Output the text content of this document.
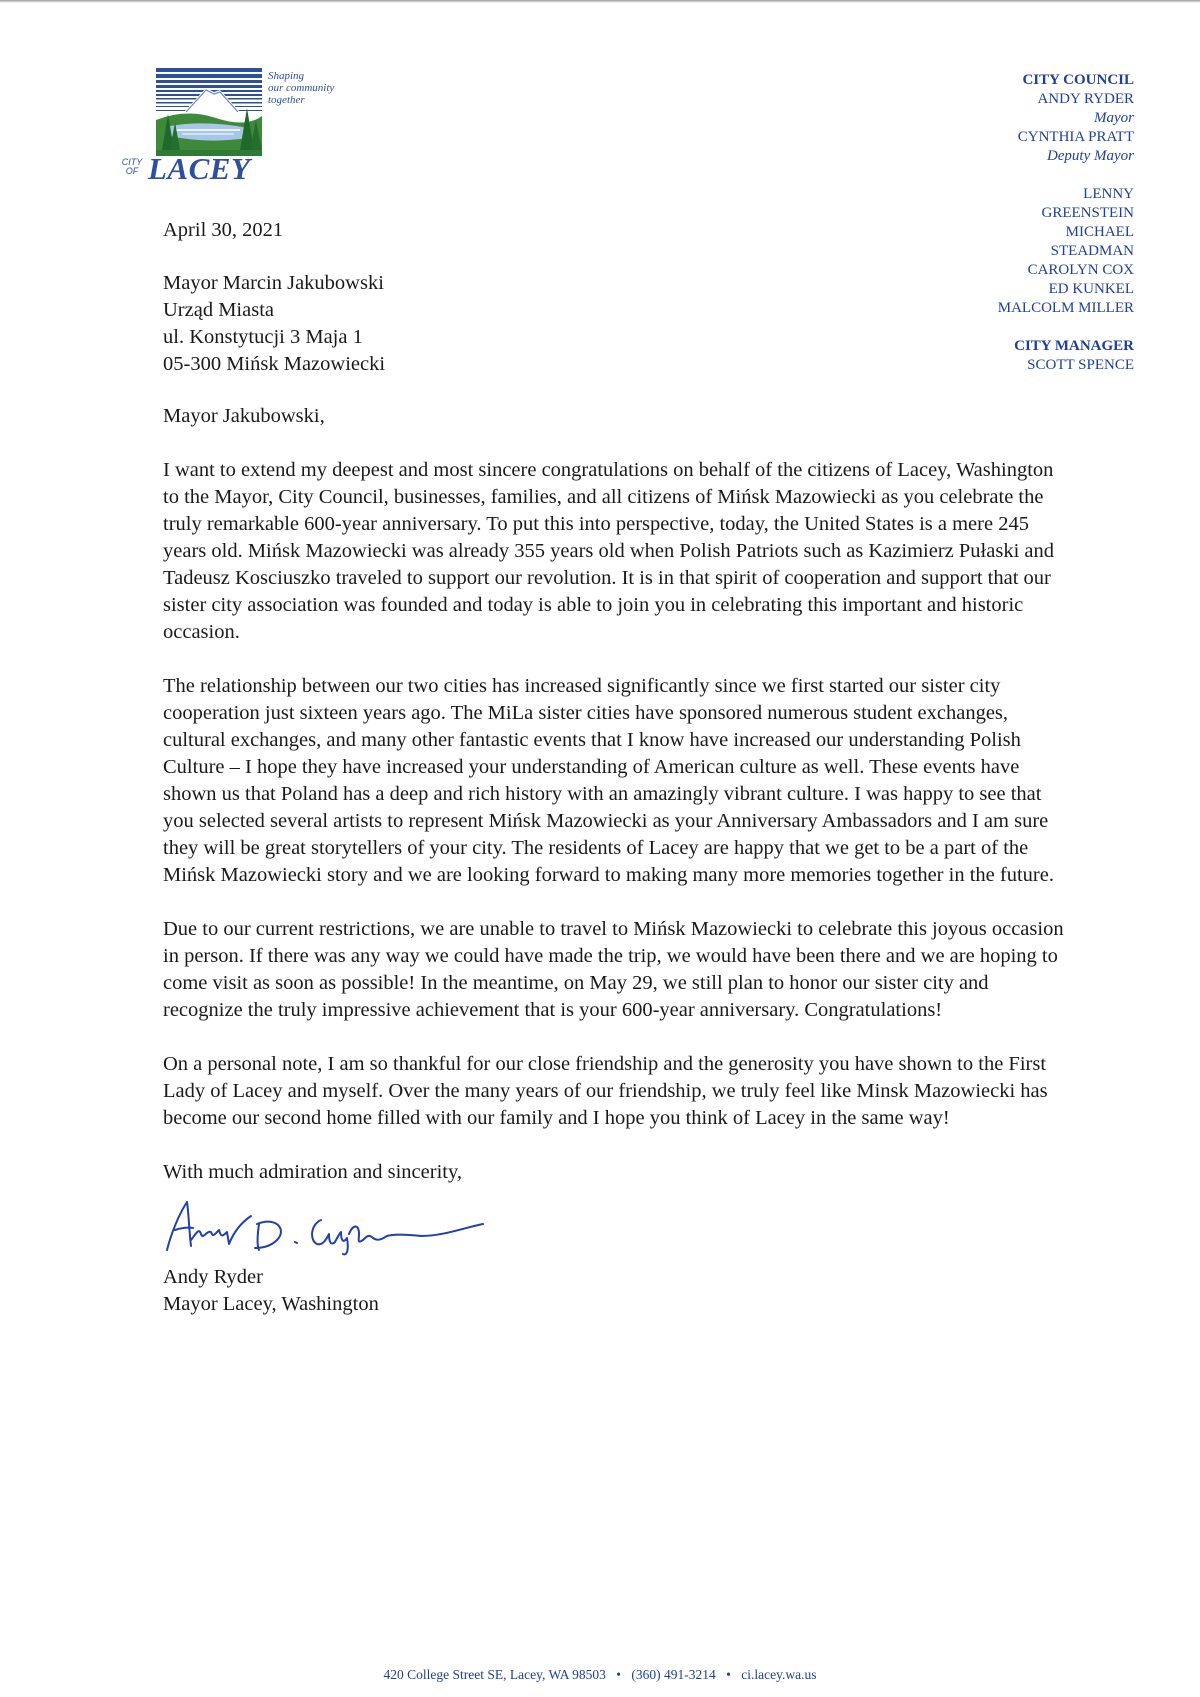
Shaping
our community
together
CITY
OF LACEY
CITY COUNCIL
ANDY RYDER
Mayor
CYNTHIA PRATT
Deputy Mayor
LENNY
GREENSTEIN
MICHAEL
STEADMAN
CAROLYN COX
ED KUNKEL
MALCOLM MILLER
CITY MANAGER
SCOTT SPENCE

April 30, 2021

Mayor Marcin Jakubowski

Urząd Miasta

ul. Konstytucji 3 Maja 1

05-300 Mińsk Mazowiecki

Mayor Jakubowski,

I want to extend my deepest and most sincere congratulations on behalf of the citizens of Lacey, Washington to the Mayor, City Council, businesses, families, and all citizens of Mińsk Mazowiecki as you celebrate the truly remarkable 600-year anniversary. To put this into perspective, today, the United States is a mere 245 years old. Mińsk Mazowiecki was already 355 years old when Polish Patriots such as Kazimierz Pułaski and Tadeusz Kosciuszko traveled to support our revolution. It is in that spirit of cooperation and support that our sister city association was founded and today is able to join you in celebrating this important and historic occasion.

The relationship between our two cities has increased significantly since we first started our sister city cooperation just sixteen years ago. The MiLa sister cities have sponsored numerous student exchanges, cultural exchanges, and many other fantastic events that I know have increased our understanding Polish Culture – I hope they have increased your understanding of American culture as well. These events have shown us that Poland has a deep and rich history with an amazingly vibrant culture. I was happy to see that you selected several artists to represent Mińsk Mazowiecki as your Anniversary Ambassadors and I am sure they will be great storytellers of your city. The residents of Lacey are happy that we get to be a part of the Mińsk Mazowiecki story and we are looking forward to making many more memories together in the future.

Due to our current restrictions, we are unable to travel to Mińsk Mazowiecki to celebrate this joyous occasion in person. If there was any way we could have made the trip, we would have been there and we are hoping to come visit as soon as possible! In the meantime, on May 29, we still plan to honor our sister city and recognize the truly impressive achievement that is your 600-year anniversary. Congratulations!

On a personal note, I am so thankful for our close friendship and the generosity you have shown to the First Lady of Lacey and myself. Over the many years of our friendship, we truly feel like Minsk Mazowiecki has become our second home filled with our family and I hope you think of Lacey in the same way!

With much admiration and sincerity,

Andy Ryder

Mayor Lacey, Washington

420 College Street SE, Lacey, WA 98503 • (360) 491-3214 • ci.lacey.wa.us
